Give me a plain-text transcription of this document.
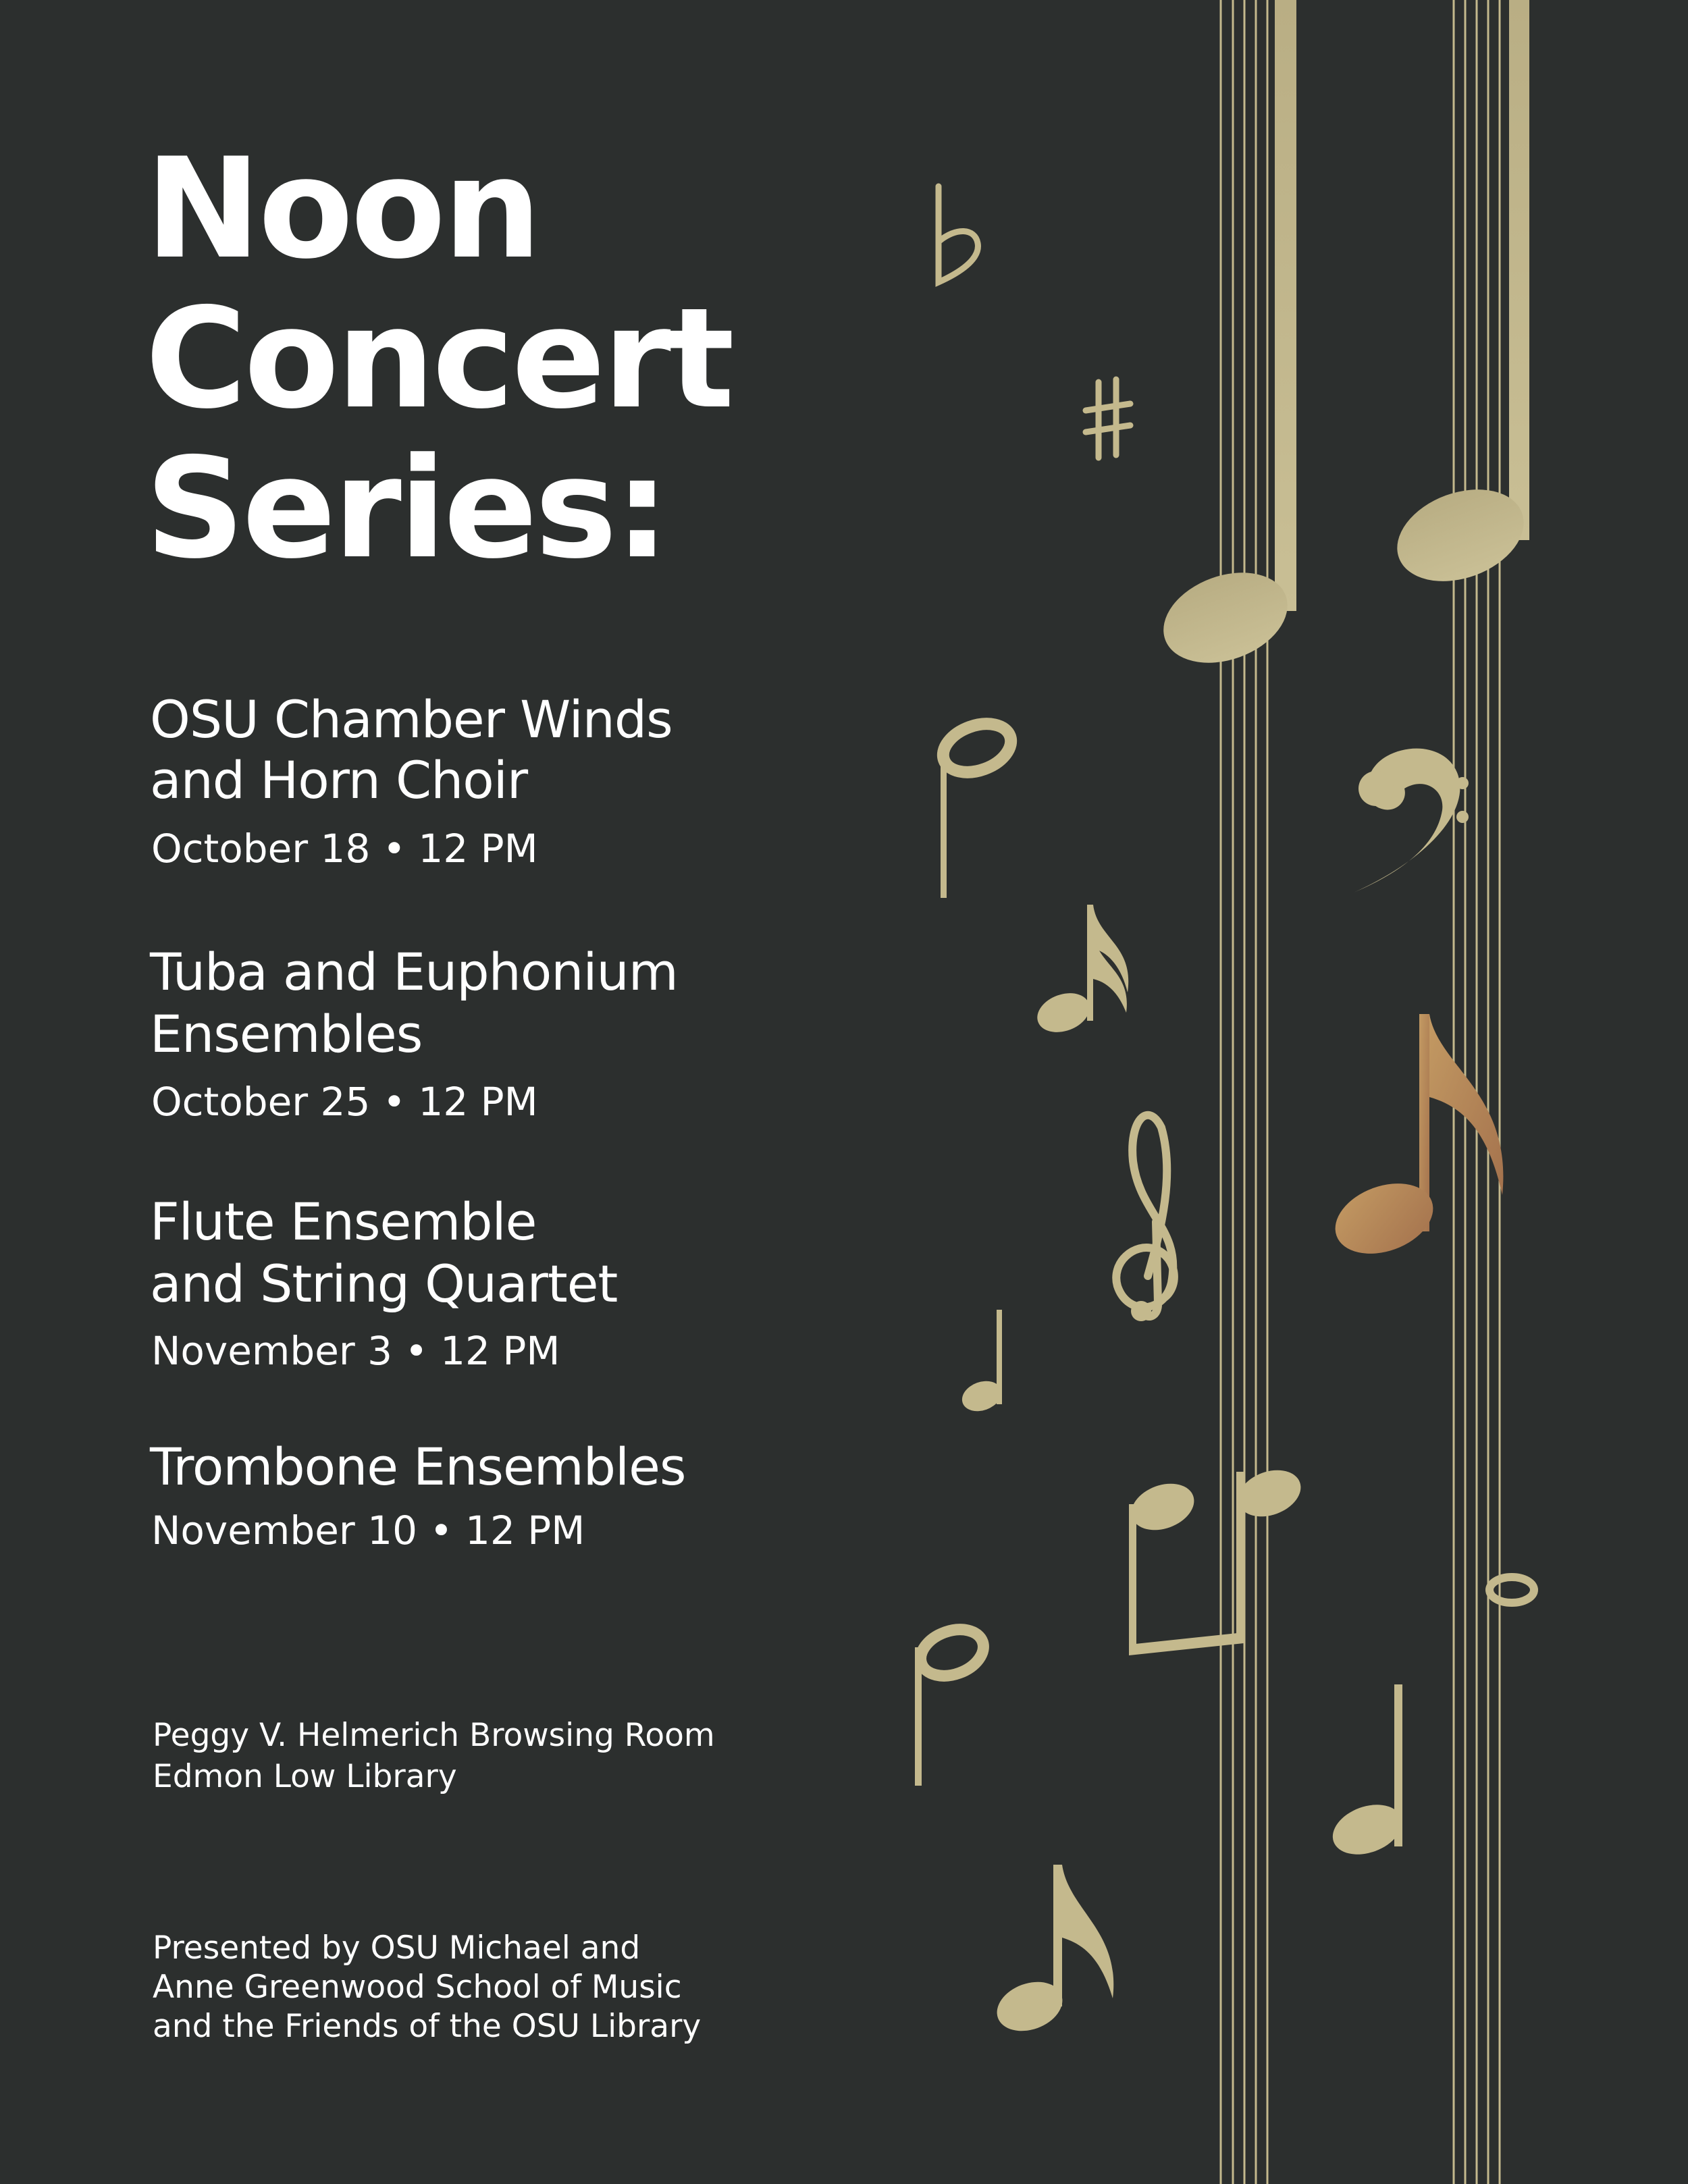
Noon
Concert
Series:

OSU Chamber Winds

and Horn Choir

October 18 • 12 PM

Tuba and Euphonium

Ensembles

October 25 • 12 PM

Flute Ensemble

and String Quartet

November 3 • 12 PM

Trombone Ensembles

November 10 • 12 PM

Peggy V. Helmerich Browsing Room

Edmon Low Library

Presented by OSU Michael and

Anne Greenwood School of Music

and the Friends of the OSU Library
